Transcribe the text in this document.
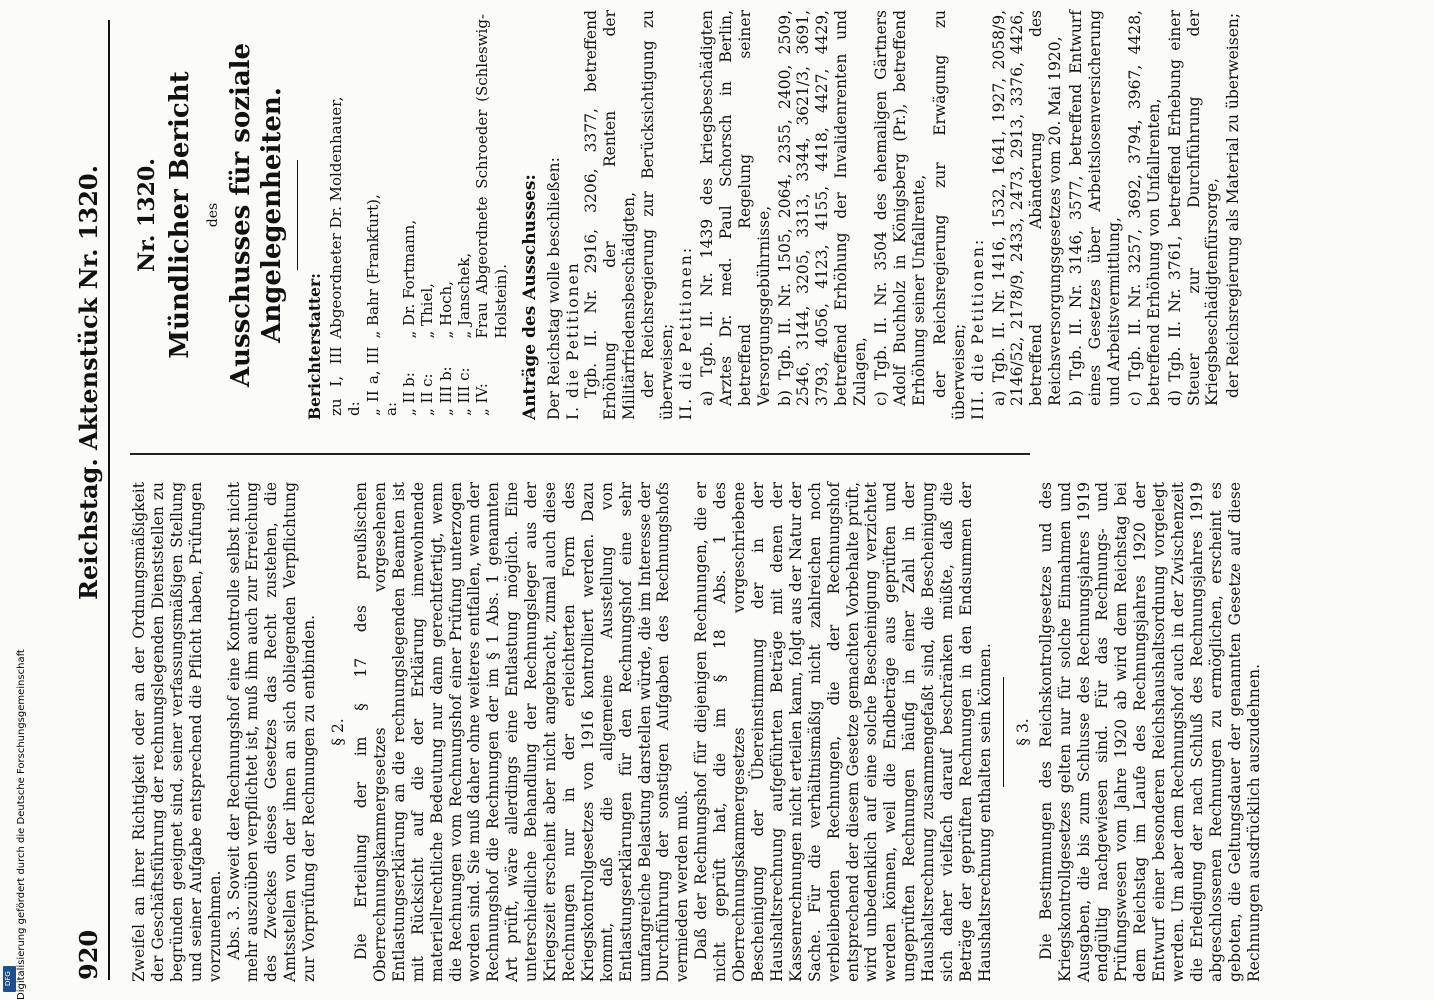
920
Reichstag. Aktenstück Nr. 1320.

Zweifel an ihrer Richtigkeit oder an der Ordnungsmäßigkeit der Geschäftsführung der rechnungslegenden Dienststellen zu begründen geeignet sind, seiner verfassungsmäßigen Stellung und seiner Aufgabe entsprechend die Pflicht haben, Prüfungen vorzunehmen. Abs. 3. Soweit der Rechnungshof eine Kontrolle selbst nicht mehr auszuüben verpflichtet ist, muß ihm auch zur Erreichung des Zweckes dieses Gesetzes das Recht zustehen, die Amtsstellen von der ihnen an sich obliegenden Verpflichtung zur Vorprüfung der Rechnungen zu entbinden. § 2. Die Erteilung der im § 17 des preußischen Oberrechnungskammergesetzes vorgesehenen Entlastungserklärung an die rechnungslegenden Beamten ist mit Rücksicht auf die der Erklärung innewohnende materiellrechtliche Bedeutung nur dann gerechtfertigt, wenn die Rechnungen vom Rechnungshof einer Prüfung unterzogen worden sind. Sie muß daher ohne weiteres entfallen, wenn der Rechnungshof die Rechnungen der im § 1 Abs. 1 genannten Art prüft, wäre allerdings eine Entlastung möglich. Eine unterschiedliche Behandlung der Rechnungsleger aus der Kriegszeit erscheint aber nicht angebracht, zumal auch diese Rechnungen nur in der erleichterten Form des Kriegskontrollgesetzes von 1916 kontrolliert werden. Dazu kommt, daß die allgemeine Ausstellung von Entlastungserklärungen für den Rechnungshof eine sehr umfangreiche Belastung darstellen würde, die im Interesse der Durchführung der sonstigen Aufgaben des Rechnungshofs vermieden werden muß. Daß der Rechnungshof für diejenigen Rechnungen, die er nicht geprüft hat, die im § 18 Abs. 1 des Oberrechnungskammergesetzes vorgeschriebene Bescheinigung der Übereinstimmung der in der Haushaltsrechnung aufgeführten Beträge mit denen der Kassenrechnungen nicht erteilen kann, folgt aus der Natur der Sache. Für die verhältnismäßig nicht zahlreichen noch verbleibenden Rechnungen, die der Rechnungshof entsprechend der diesem Gesetze gemachten Vorbehalte prüft, wird unbedenklich auf eine solche Bescheinigung verzichtet werden können, weil die Endbeträge aus geprüften und ungeprüften Rechnungen häufig in einer Zahl in der Haushaltsrechnung zusammengefaßt sind, die Bescheinigung sich daher vielfach darauf beschränken müßte, daß die Beträge der geprüften Rechnungen in den Endsummen der Haushaltsrechnung enthalten sein können. § 3. Die Bestimmungen des Reichskontrollgesetzes und des Kriegskontrollgesetzes gelten nur für solche Einnahmen und Ausgaben, die bis zum Schlusse des Rechnungsjahres 1919 endgültig nachgewiesen sind. Für das Rechnungs- und Prüfungswesen vom Jahre 1920 ab wird dem Reichstag bei dem Reichstag im Laufe des Rechnungsjahres 1920 der Entwurf einer besonderen Reichshaushaltsordnung vorgelegt werden. Um aber dem Rechnungshof auch in der Zwischenzeit die Erledigung der nach Schluß des Rechnungsjahres 1919 abgeschlossenen Rechnungen zu ermöglichen, erscheint es geboten, die Geltungsdauer der genannten Gesetze auf diese Rechnungen ausdrücklich auszudehnen.

Nr. 1320. Mündlicher Bericht des Ausschusses für soziale Angelegenheiten.
Berichterstatter: zu I, III d:	Abgeordneter Dr. Moldenhauer,
„ II a, III a:	„ Bahr (Frankfurt),
„ II b:	„ Dr. Fortmann,
„ II c:	„ Thiel,
„ III b:	„ Hoch,
„ III c:	„ Janschek,
„ IV:	Frau Abgeordnete Schroeder (Schleswig-Holstein). Anträge des Ausschusses: Der Reichstag wolle beschließen: I. die Petitionen Tgb. II. Nr. 2916, 3206, 3377, betreffend Erhöhung der Renten der Militärfriedensbeschädigten, der Reichsregierung zur Berücksichtigung zu überweisen; II. die Petitionen: a) Tgb. II. Nr. 1439 des kriegsbeschädigten Arztes Dr. med. Paul Schorsch in Berlin, betreffend Regelung seiner Versorgungsgebührnisse, b) Tgb. II. Nr. 1505, 2064, 2355, 2400, 2509, 2546, 3144, 3205, 3313, 3344, 3621/3, 3691, 3793, 4056, 4123, 4155, 4418, 4427, 4429, betreffend Erhöhung der Invalidenrenten und Zulagen, c) Tgb. II. Nr. 3504 des ehemaligen Gärtners Adolf Buchholz in Königsberg (Pr.), betreffend Erhöhung seiner Unfallrente, der Reichsregierung zur Erwägung zu überweisen; III. die Petitionen: a) Tgb. II. Nr. 1416, 1532, 1641, 1927, 2058/9, 2146/52, 2178/9, 2433, 2473, 2913, 3376, 4426, betreffend Abänderung des Reichsversorgungsgesetzes vom 20. Mai 1920, b) Tgb. II. Nr. 3146, 3577, betreffend Entwurf eines Gesetzes über Arbeitslosenversicherung und Arbeitsvermittlung, c) Tgb. II. Nr. 3257, 3692, 3794, 3967, 4428, betreffend Erhöhung von Unfallrenten, d) Tgb. II. Nr. 3761, betreffend Erhebung einer Steuer zur Durchführung der Kriegsbeschädigtenfürsorge, der Reichsregierung als Material zu überweisen;

Digitalisierung gefördert durch die Deutsche Forschungsgemeinschaft
DFG
